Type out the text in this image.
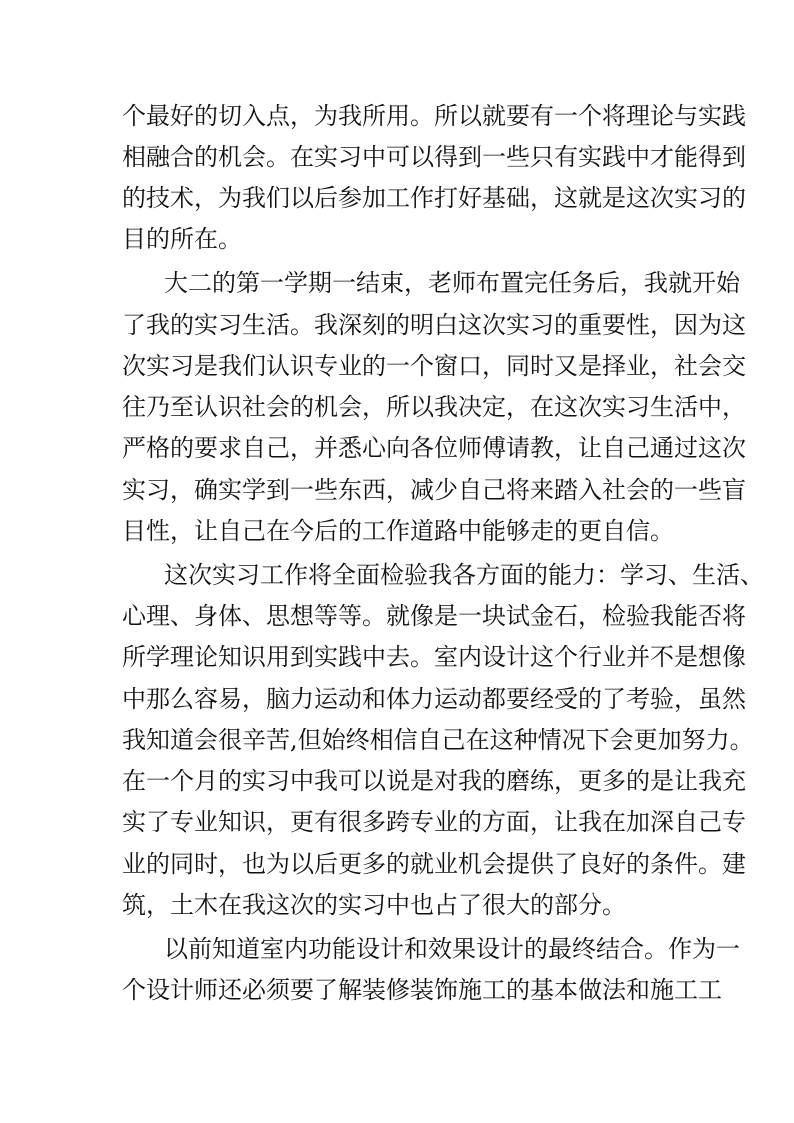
个最好的切入点，为我所用。所以就要有一个将理论与实践
相融合的机会。在实习中可以得到一些只有实践中才能得到
的技术，为我们以后参加工作打好基础，这就是这次实习的
目的所在。
大二的第一学期一结束，老师布置完任务后，我就开始
了我的实习生活。我深刻的明白这次实习的重要性，因为这
次实习是我们认识专业的一个窗口，同时又是择业，社会交
往乃至认识社会的机会，所以我决定，在这次实习生活中，
严格的要求自己，并悉心向各位师傅请教，让自己通过这次
实习，确实学到一些东西，减少自己将来踏入社会的一些盲
目性，让自己在今后的工作道路中能够走的更自信。
这次实习工作将全面检验我各方面的能力：学习、生活、
心理、身体、思想等等。就像是一块试金石，检验我能否将
所学理论知识用到实践中去。室内设计这个行业并不是想像
中那么容易，脑力运动和体力运动都要经受的了考验，虽然
我知道会很辛苦,但始终相信自己在这种情况下会更加努力。
在一个月的实习中我可以说是对我的磨练，更多的是让我充
实了专业知识，更有很多跨专业的方面，让我在加深自己专
业的同时，也为以后更多的就业机会提供了良好的条件。建
筑，土木在我这次的实习中也占了很大的部分。
以前知道室内功能设计和效果设计的最终结合。作为一
个设计师还必须要了解装修装饰施工的基本做法和施工工
